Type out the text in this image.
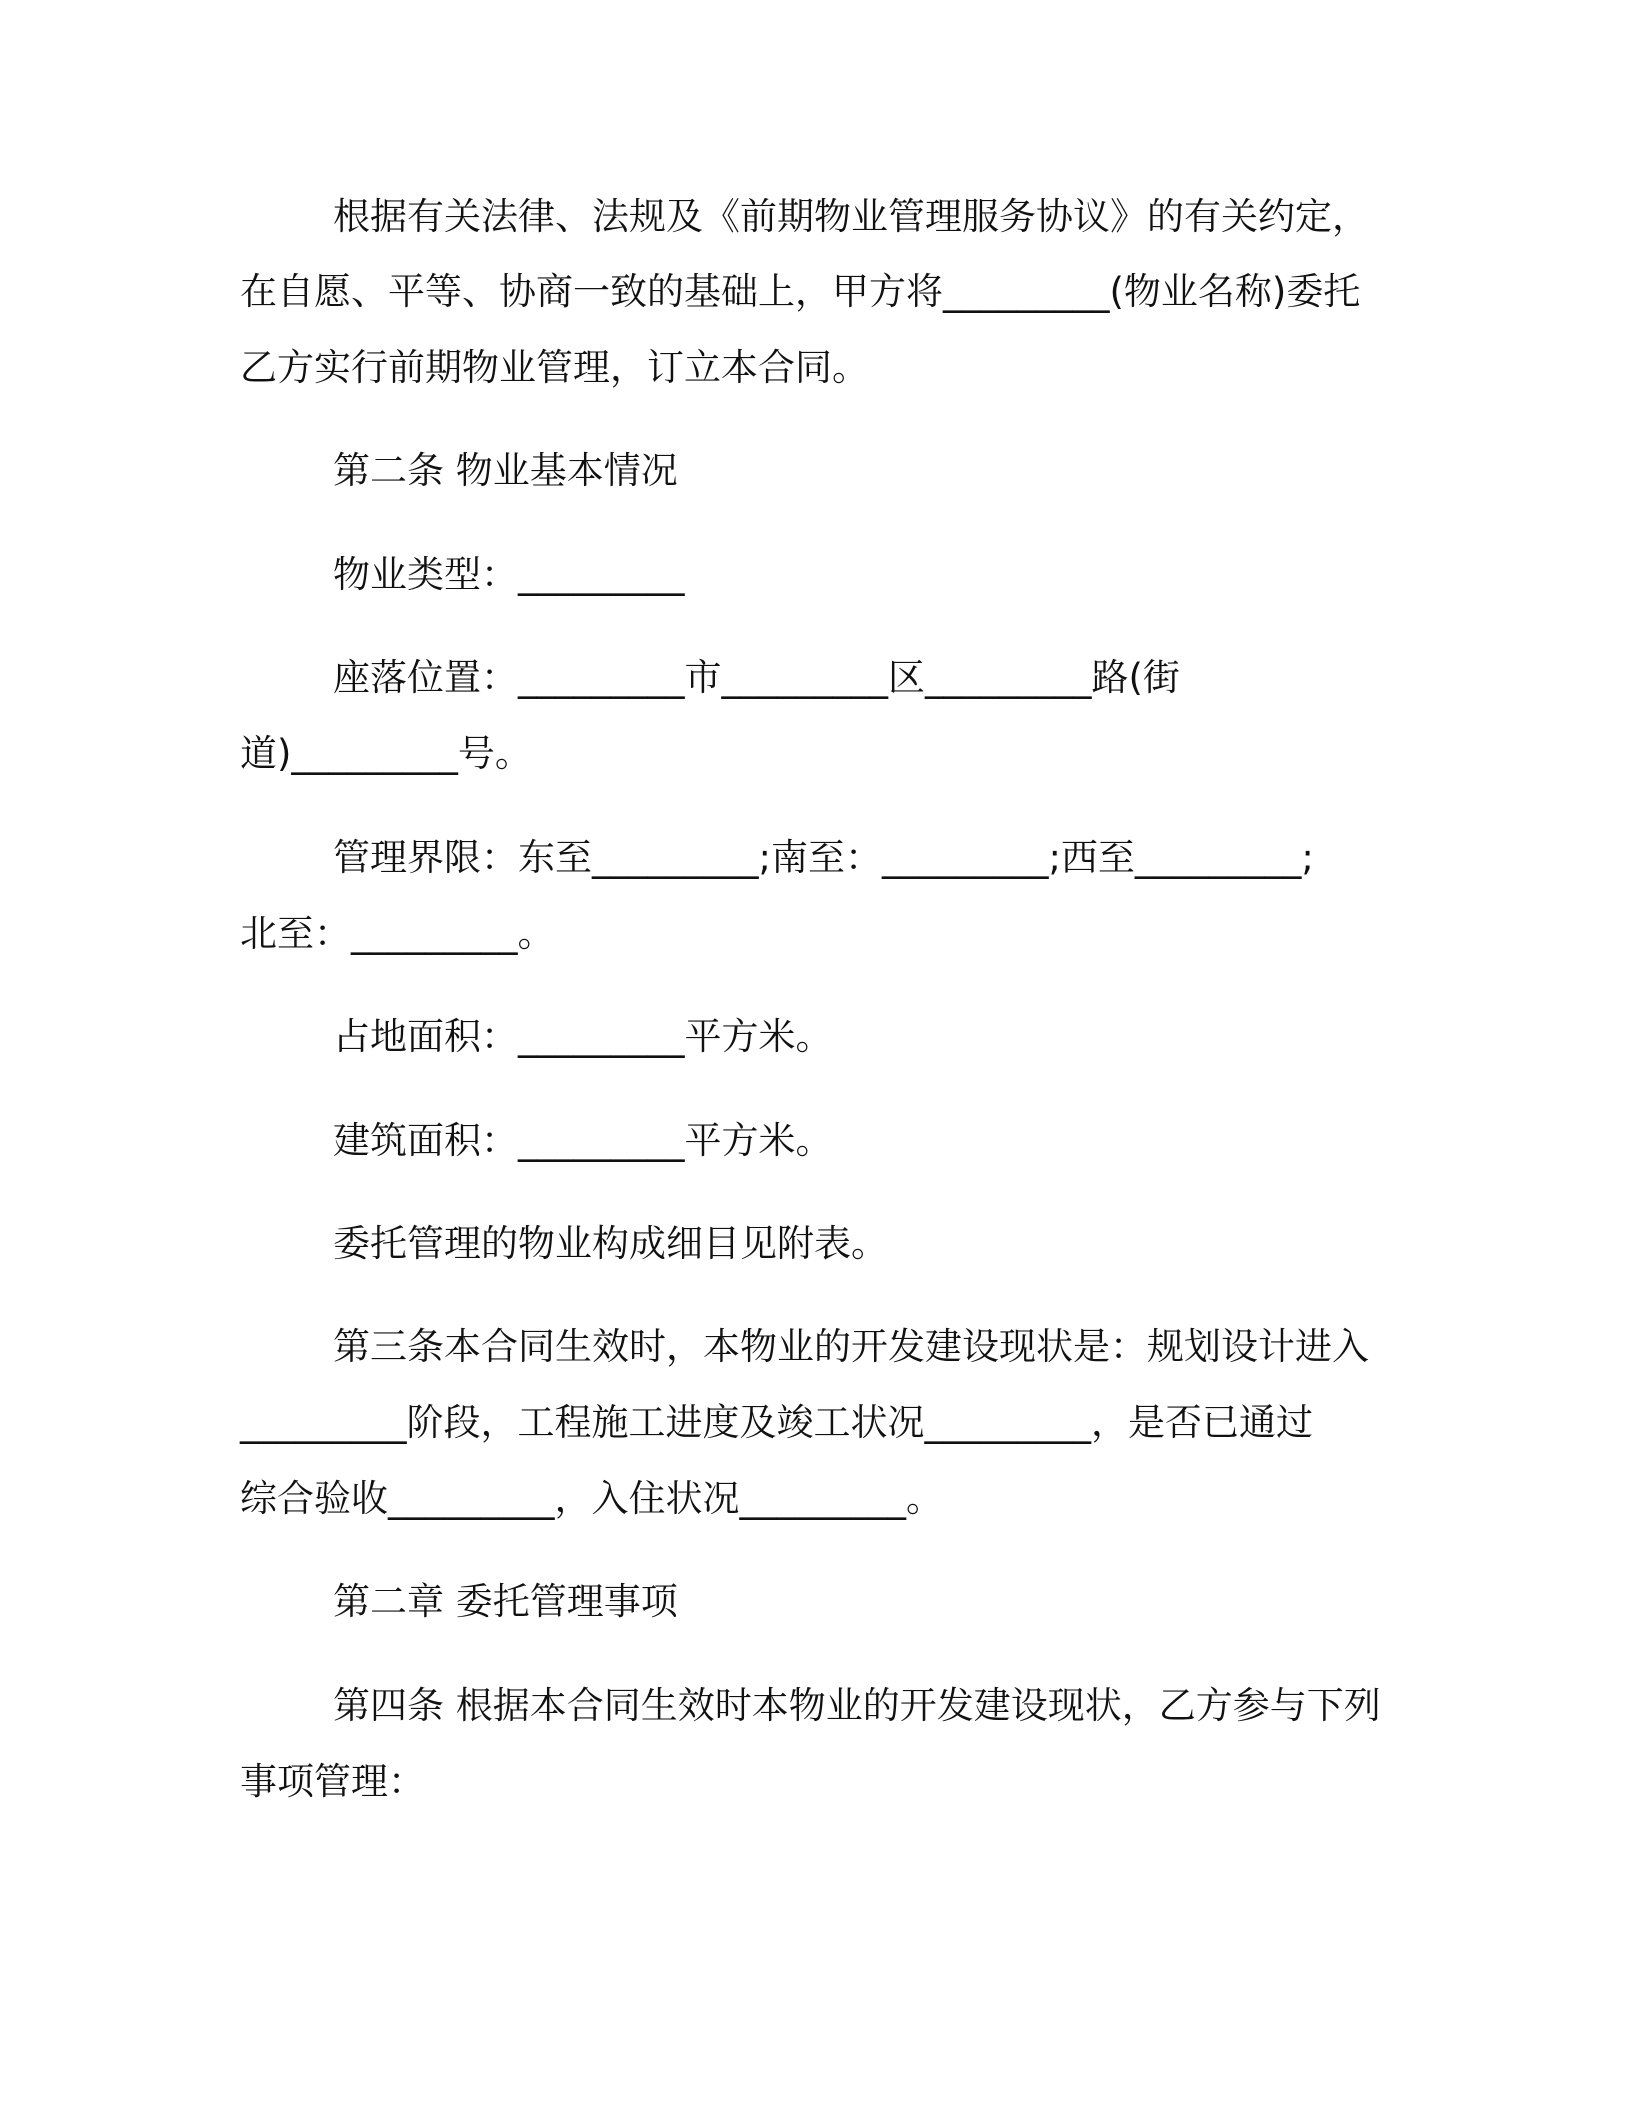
根据有关法律、法规及《前期物业管理服务协议》的有关约定，
在自愿、平等、协商一致的基础上，甲方将_________(物业名称)委托
乙方实行前期物业管理，订立本合同。
第二条 物业基本情况
物业类型：_________
座落位置：_________市_________区_________路(街
道)_________号。
管理界限：东至_________;南至：_________;西至_________;
北至：_________。
占地面积：_________平方米。
建筑面积：_________平方米。
委托管理的物业构成细目见附表。
第三条本合同生效时，本物业的开发建设现状是：规划设计进入
_________阶段，工程施工进度及竣工状况_________，是否已通过
综合验收_________，入住状况_________。
第二章 委托管理事项
第四条 根据本合同生效时本物业的开发建设现状，乙方参与下列
事项管理：
